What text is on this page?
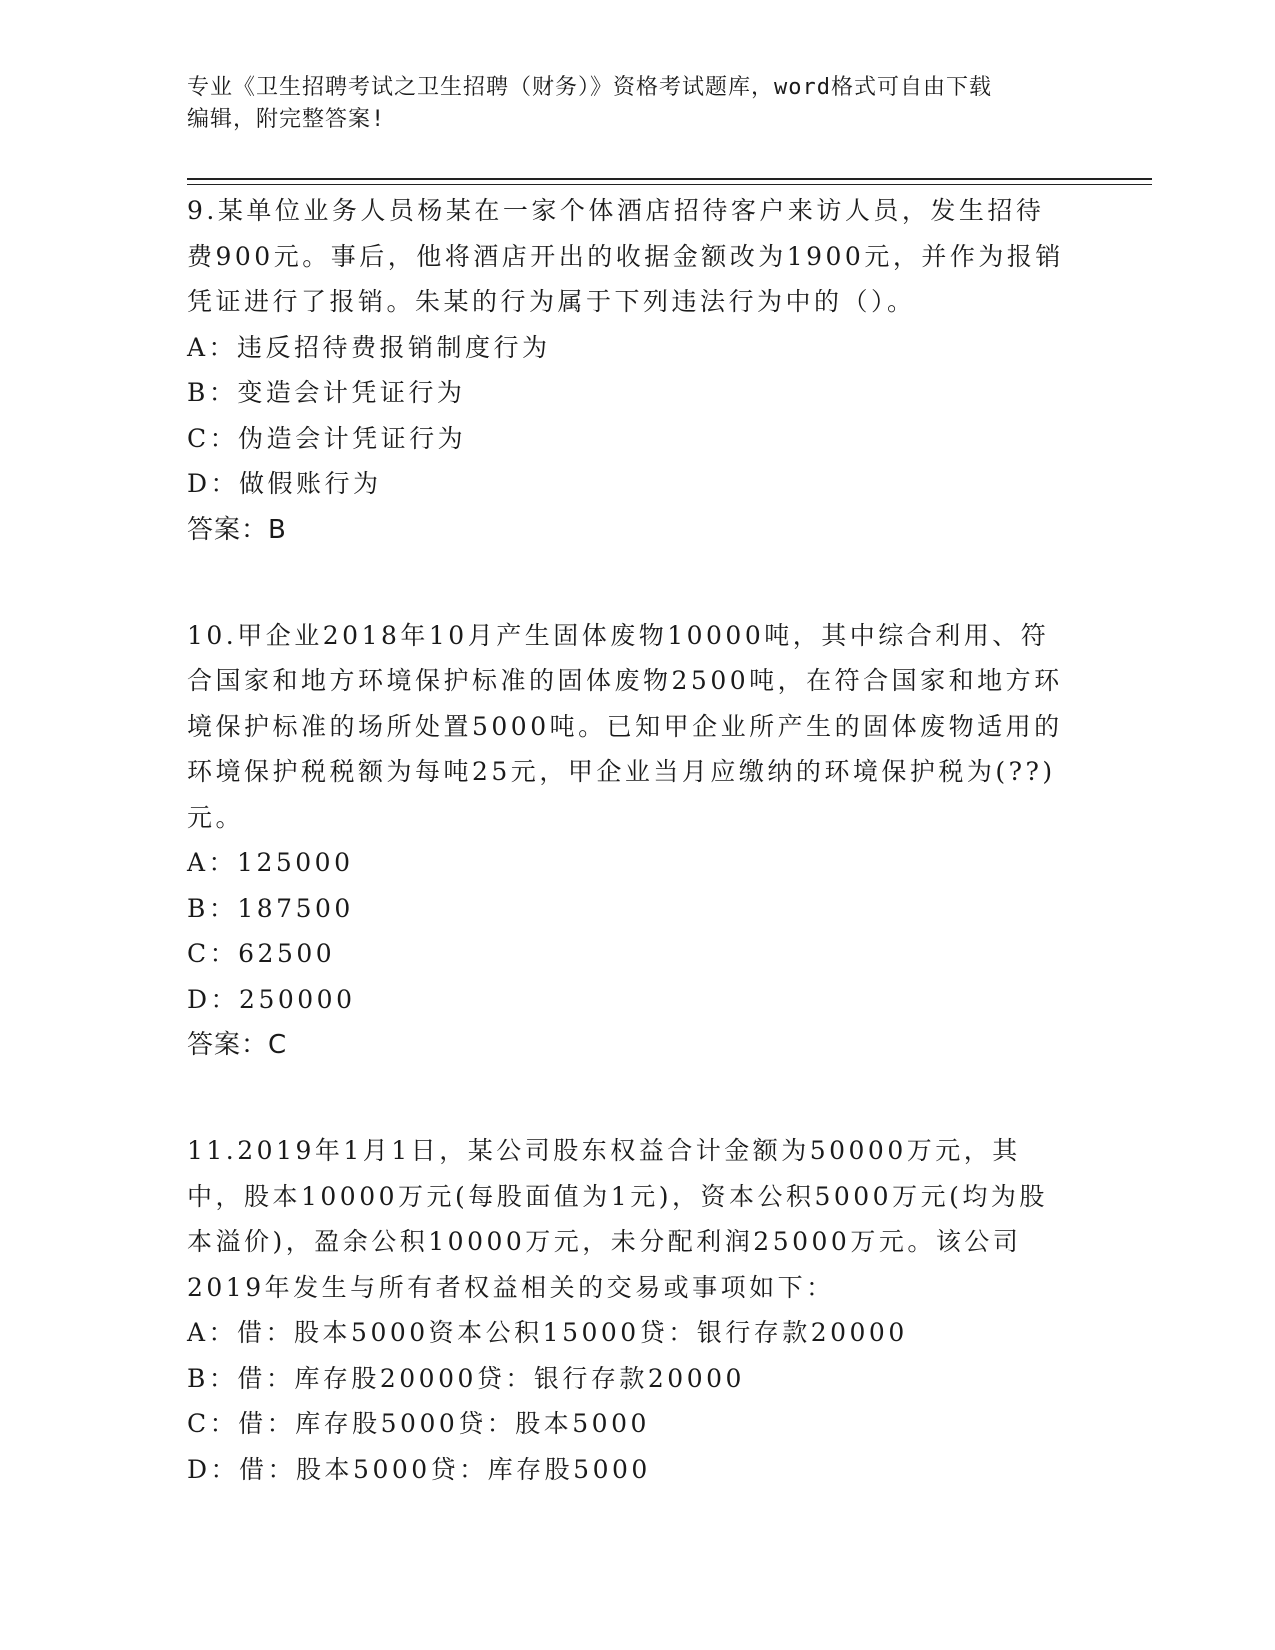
专业《卫生招聘考试之卫生招聘（财务）》资格考试题库，word格式可自由下载
编辑，附完整答案!

9.某单位业务人员杨某在一家个体酒店招待客户来访人员，发生招待费900元。事后，他将酒店开出的收据金额改为1900元，并作为报销凭证进行了报销。朱某的行为属于下列违法行为中的（）。

A：违反招待费报销制度行为

B：变造会计凭证行为

C：伪造会计凭证行为

D：做假账行为

答案：B

10.甲企业2018年10月产生固体废物10000吨，其中综合利用、符合国家和地方环境保护标准的固体废物2500吨，在符合国家和地方环境保护标准的场所处置5000吨。已知甲企业所产生的固体废物适用的环境保护税税额为每吨25元，甲企业当月应缴纳的环境保护税为(??)元。

A：125000

B：187500

C：62500

D：250000

答案：C

11.2019年1月1日，某公司股东权益合计金额为50000万元，其中，股本10000万元(每股面值为1元)，资本公积5000万元(均为股本溢价)，盈余公积10000万元，未分配利润25000万元。该公司2019年发生与所有者权益相关的交易或事项如下：

A：借：股本5000资本公积15000贷：银行存款20000

B：借：库存股20000贷：银行存款20000

C：借：库存股5000贷：股本5000

D：借：股本5000贷：库存股5000
